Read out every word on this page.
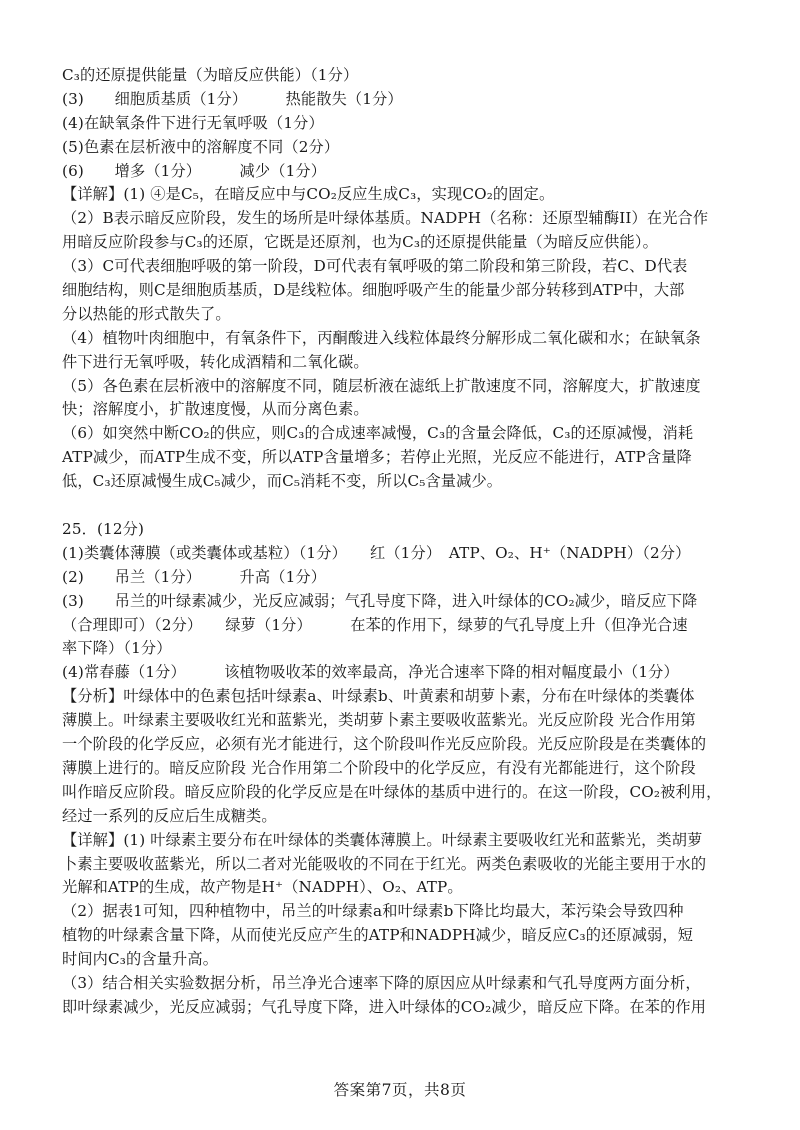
C₃的还原提供能量（为暗反应供能）（1分）
(3)　　细胞质基质（1分）　　　热能散失（1分）
(4)在缺氧条件下进行无氧呼吸（1分）
(5)色素在层析液中的溶解度不同（2分）
(6)　　增多（1分）　　　减少（1分）
【详解】(1) ④是C₅，在暗反应中与CO₂反应生成C₃，实现CO₂的固定。
（2）B表示暗反应阶段，发生的场所是叶绿体基质。NADPH（名称：还原型辅酶II）在光合作
用暗反应阶段参与C₃的还原，它既是还原剂，也为C₃的还原提供能量（为暗反应供能）。
（3）C可代表细胞呼吸的第一阶段，D可代表有氧呼吸的第二阶段和第三阶段，若C、D代表
细胞结构，则C是细胞质基质，D是线粒体。细胞呼吸产生的能量少部分转移到ATP中，大部
分以热能的形式散失了。
（4）植物叶肉细胞中，有氧条件下，丙酮酸进入线粒体最终分解形成二氧化碳和水；在缺氧条
件下进行无氧呼吸，转化成酒精和二氧化碳。
（5）各色素在层析液中的溶解度不同，随层析液在滤纸上扩散速度不同，溶解度大，扩散速度
快；溶解度小，扩散速度慢，从而分离色素。
（6）如突然中断CO₂的供应，则C₃的合成速率减慢，C₃的含量会降低，C₃的还原减慢，消耗
ATP减少，而ATP生成不变，所以ATP含量增多；若停止光照，光反应不能进行，ATP含量降
低，C₃还原减慢生成C₅减少，而C₅消耗不变，所以C₅含量减少。
25．(12分)
(1)类囊体薄膜（或类囊体或基粒）（1分）　　红（1分）　ATP、O₂、H⁺（NADPH）（2分）
(2)　　吊兰（1分）　　　升高（1分）
(3)　　吊兰的叶绿素减少，光反应减弱；气孔导度下降，进入叶绿体的CO₂减少，暗反应下降
（合理即可）（2分）　　绿萝（1分）　　　在苯的作用下，绿萝的气孔导度上升（但净光合速
率下降）（1分）
(4)常春藤（1分）　　　该植物吸收苯的效率最高，净光合速率下降的相对幅度最小（1分）
【分析】叶绿体中的色素包括叶绿素a、叶绿素b、叶黄素和胡萝卜素，分布在叶绿体的类囊体
薄膜上。叶绿素主要吸收红光和蓝紫光，类胡萝卜素主要吸收蓝紫光。光反应阶段 光合作用第
一个阶段的化学反应，必须有光才能进行，这个阶段叫作光反应阶段。光反应阶段是在类囊体的
薄膜上进行的。暗反应阶段 光合作用第二个阶段中的化学反应，有没有光都能进行，这个阶段
叫作暗反应阶段。暗反应阶段的化学反应是在叶绿体的基质中进行的。在这一阶段，CO₂被利用，
经过一系列的反应后生成糖类。
【详解】(1) 叶绿素主要分布在叶绿体的类囊体薄膜上。叶绿素主要吸收红光和蓝紫光，类胡萝
卜素主要吸收蓝紫光，所以二者对光能吸收的不同在于红光。两类色素吸收的光能主要用于水的
光解和ATP的生成，故产物是H⁺（NADPH）、O₂、ATP。
（2）据表1可知，四种植物中，吊兰的叶绿素a和叶绿素b下降比均最大，苯污染会导致四种
植物的叶绿素含量下降，从而使光反应产生的ATP和NADPH减少，暗反应C₃的还原减弱，短
时间内C₃的含量升高。
（3）结合相关实验数据分析，吊兰净光合速率下降的原因应从叶绿素和气孔导度两方面分析，
即叶绿素减少，光反应减弱；气孔导度下降，进入叶绿体的CO₂减少，暗反应下降。在苯的作用
答案第7页，共8页
